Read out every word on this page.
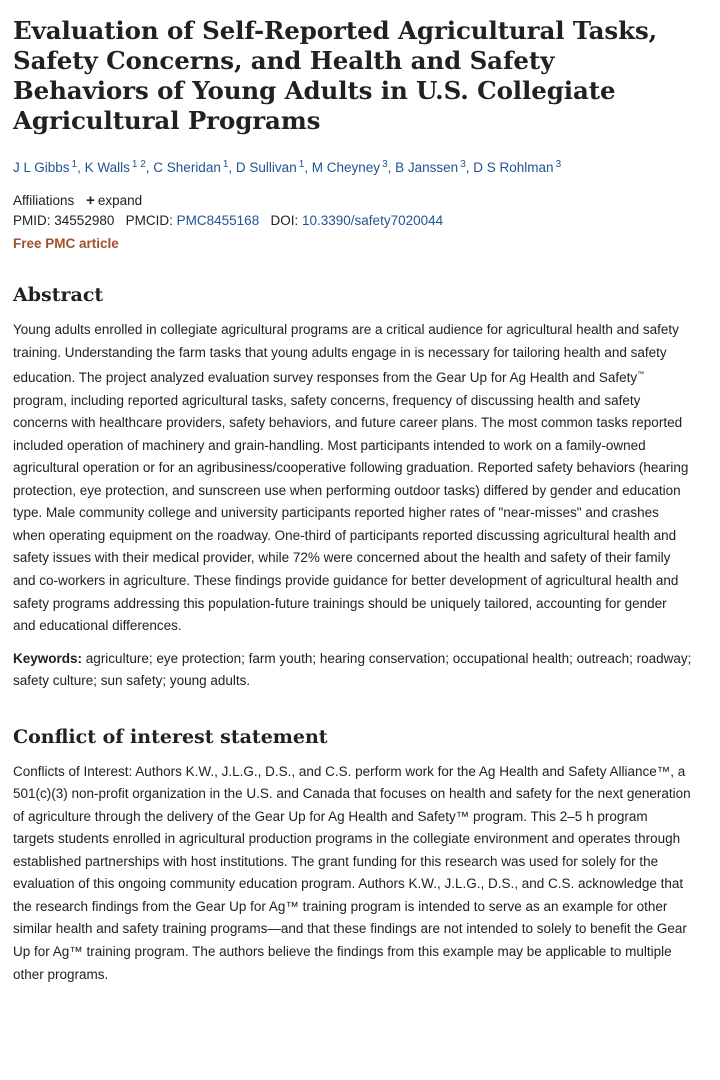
Evaluation of Self-Reported Agricultural Tasks, Safety Concerns, and Health and Safety Behaviors of Young Adults in U.S. Collegiate Agricultural Programs
J L Gibbs $^1$, K Walls $^{1 2}$, C Sheridan $^1$, D Sullivan $^1$, M Cheyney $^3$, B Janssen $^3$, D S Rohlman $^3$
Affiliations + expand
PMID: 34552980 PMCID: PMC8455168 DOI: 10.3390/safety7020044
Free PMC article
Abstract

Young adults enrolled in collegiate agricultural programs are a critical audience for agricultural health and safety training. Understanding the farm tasks that young adults engage in is necessary for tailoring health and safety education. The project analyzed evaluation survey responses from the Gear Up for Ag Health and Safety™ program, including reported agricultural tasks, safety concerns, frequency of discussing health and safety concerns with healthcare providers, safety behaviors, and future career plans. The most common tasks reported included operation of machinery and grain-handling. Most participants intended to work on a family-owned agricultural operation or for an agribusiness/cooperative following graduation. Reported safety behaviors (hearing protection, eye protection, and sunscreen use when performing outdoor tasks) differed by gender and education type. Male community college and university participants reported higher rates of "near-misses" and crashes when operating equipment on the roadway. One-third of participants reported discussing agricultural health and safety issues with their medical provider, while 72% were concerned about the health and safety of their family and co-workers in agriculture. These findings provide guidance for better development of agricultural health and safety programs addressing this population-future trainings should be uniquely tailored, accounting for gender and educational differences.

Keywords: agriculture; eye protection; farm youth; hearing conservation; occupational health; outreach; roadway; safety culture; sun safety; young adults.
Conflict of interest statement

Conflicts of Interest: Authors K.W., J.L.G., D.S., and C.S. perform work for the Ag Health and Safety Alliance™, a 501(c)(3) non-profit organization in the U.S. and Canada that focuses on health and safety for the next generation of agriculture through the delivery of the Gear Up for Ag Health and Safety™ program. This 2–5 h program targets students enrolled in agricultural production programs in the collegiate environment and operates through established partnerships with host institutions. The grant funding for this research was used for solely for the evaluation of this ongoing community education program. Authors K.W., J.L.G., D.S., and C.S. acknowledge that the research findings from the Gear Up for Ag™ training program is intended to serve as an example for other similar health and safety training programs—and that these findings are not intended to solely to benefit the Gear Up for Ag™ training program. The authors believe the findings from this example may be applicable to multiple other programs.
